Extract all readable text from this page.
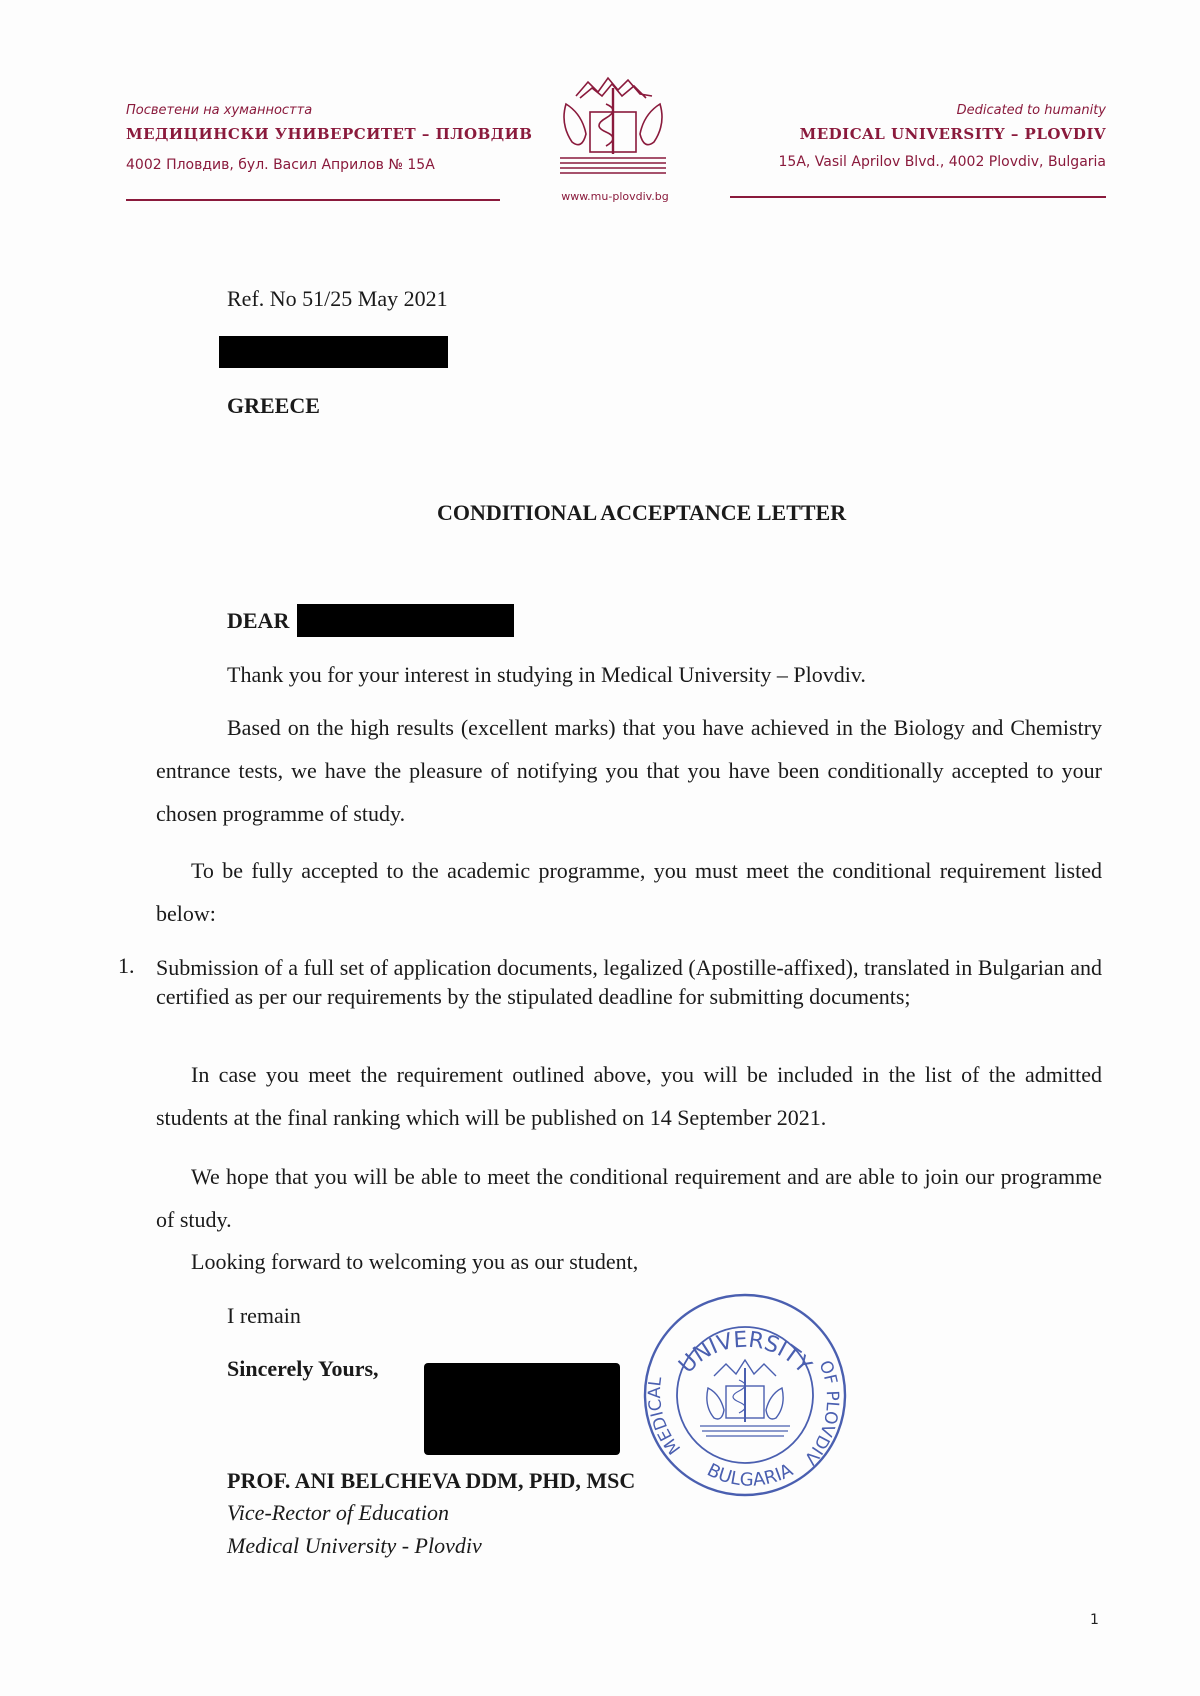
Посветени на хуманността
МЕДИЦИНСКИ УНИВЕРСИТЕТ – ПЛОВДИВ
4002 Пловдив, бул. Васил Априлов № 15А
www.mu-plovdiv.bg
Dedicated to humanity
MEDICAL UNIVERSITY – PLOVDIV
15A, Vasil Aprilov Blvd., 4002 Plovdiv, Bulgaria
Ref. No 51/25 May 2021
GREECE
CONDITIONAL ACCEPTANCE LETTER
DEAR
Thank you for your interest in studying in Medical University – Plovdiv.
Based on the high results (excellent marks) that you have achieved in the Biology and Chemistry entrance tests, we have the pleasure of notifying you that you have been conditionally accepted to your chosen programme of study.
To be fully accepted to the academic programme, you must meet the conditional requirement listed below:
1. Submission of a full set of application documents, legalized (Apostille-affixed), translated in Bulgarian and certified as per our requirements by the stipulated deadline for submitting documents;
In case you meet the requirement outlined above, you will be included in the list of the admitted students at the final ranking which will be published on 14 September 2021.
We hope that you will be able to meet the conditional requirement and are able to join our programme of study.
Looking forward to welcoming you as our student,
I remain
Sincerely Yours,
PROF. ANI BELCHEVA DDM, PHD, MSC
Vice-Rector of Education
Medical University - Plovdiv
UNIVERSITY
MEDICAL
OF PLOVDIV
BULGARIA
1
